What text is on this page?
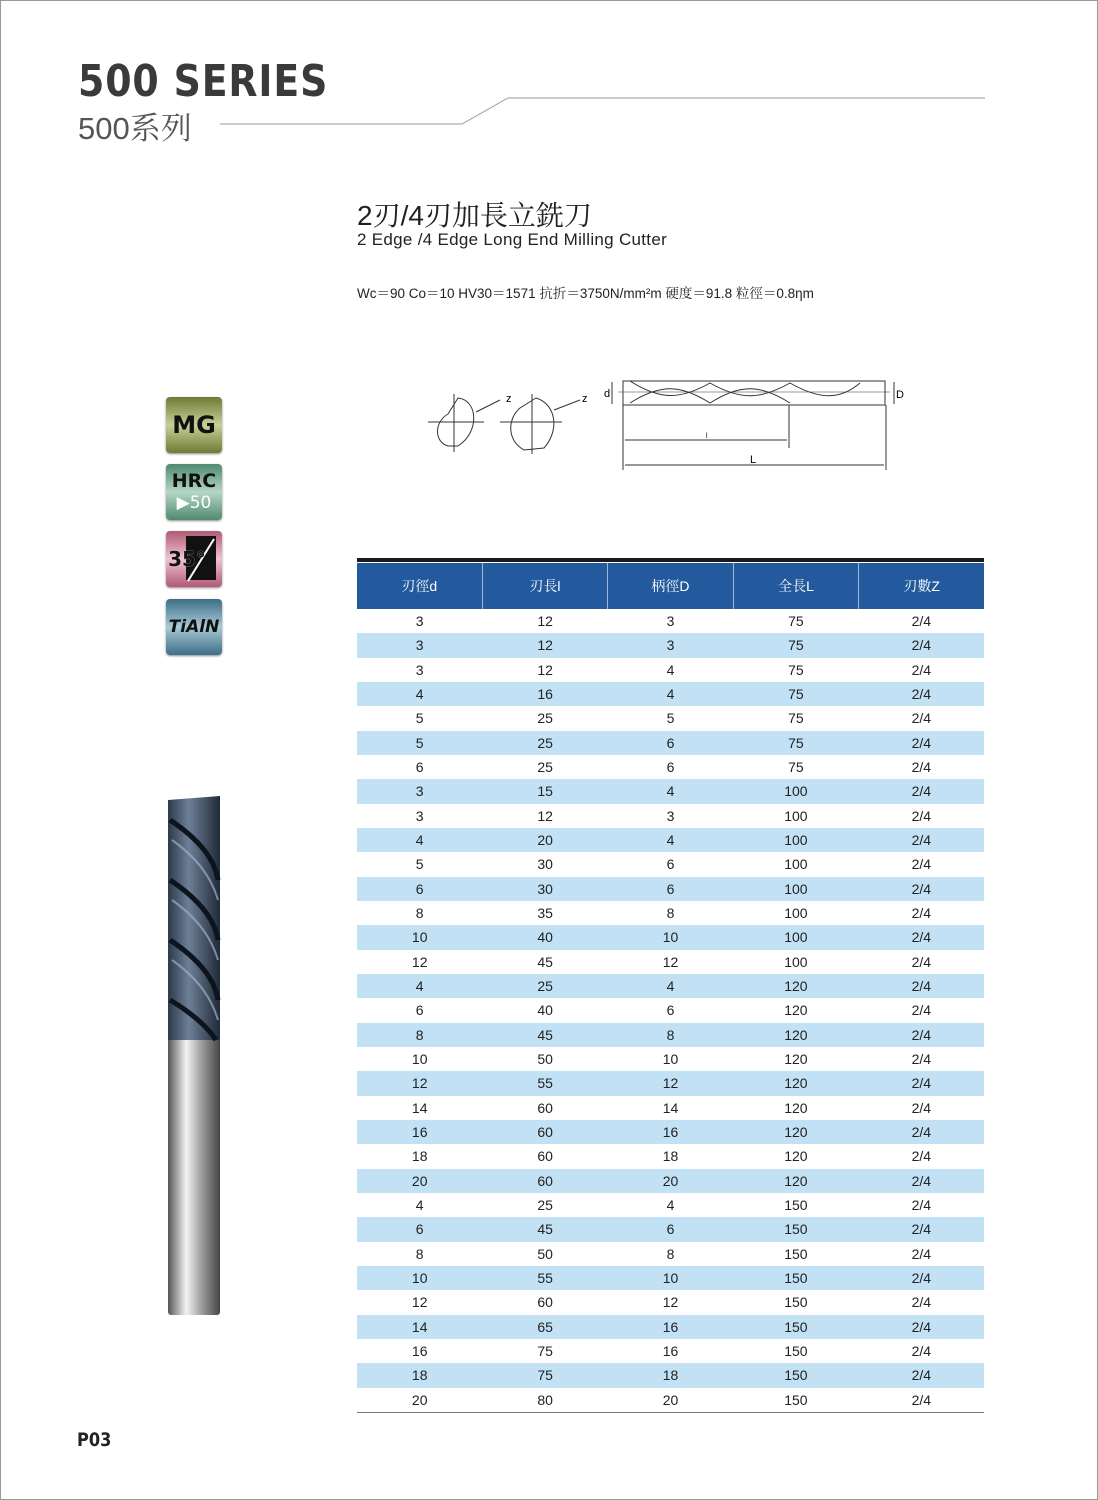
500 SERIES
500系列
2刃/4刃加長立銑刀
2 Edge /4 Edge Long End Milling Cutter
Wc＝90 Co＝10 HV30＝1571 抗折＝3750N/mm²m 硬度＝91.8 粒徑＝0.8ηm
z	z d	D
l
L
MG
HRC
▶50
35°
TiAlN
刃徑d	刃長l	柄徑D	全長L	刃數Z
3	12	3	75	2/4
3	12	3	75	2/4
3	12	4	75	2/4
4	16	4	75	2/4
5	25	5	75	2/4
5	25	6	75	2/4
6	25	6	75	2/4
3	15	4	100	2/4
3	12	3	100	2/4
4	20	4	100	2/4
5	30	6	100	2/4
6	30	6	100	2/4
8	35	8	100	2/4
10	40	10	100	2/4
12	45	12	100	2/4
4	25	4	120	2/4
6	40	6	120	2/4
8	45	8	120	2/4
10	50	10	120	2/4
12	55	12	120	2/4
14	60	14	120	2/4
16	60	16	120	2/4
18	60	18	120	2/4
20	60	20	120	2/4
4	25	4	150	2/4
6	45	6	150	2/4
8	50	8	150	2/4
10	55	10	150	2/4
12	60	12	150	2/4
14	65	16	150	2/4
16	75	16	150	2/4
18	75	18	150	2/4
20	80	20	150	2/4
P03
